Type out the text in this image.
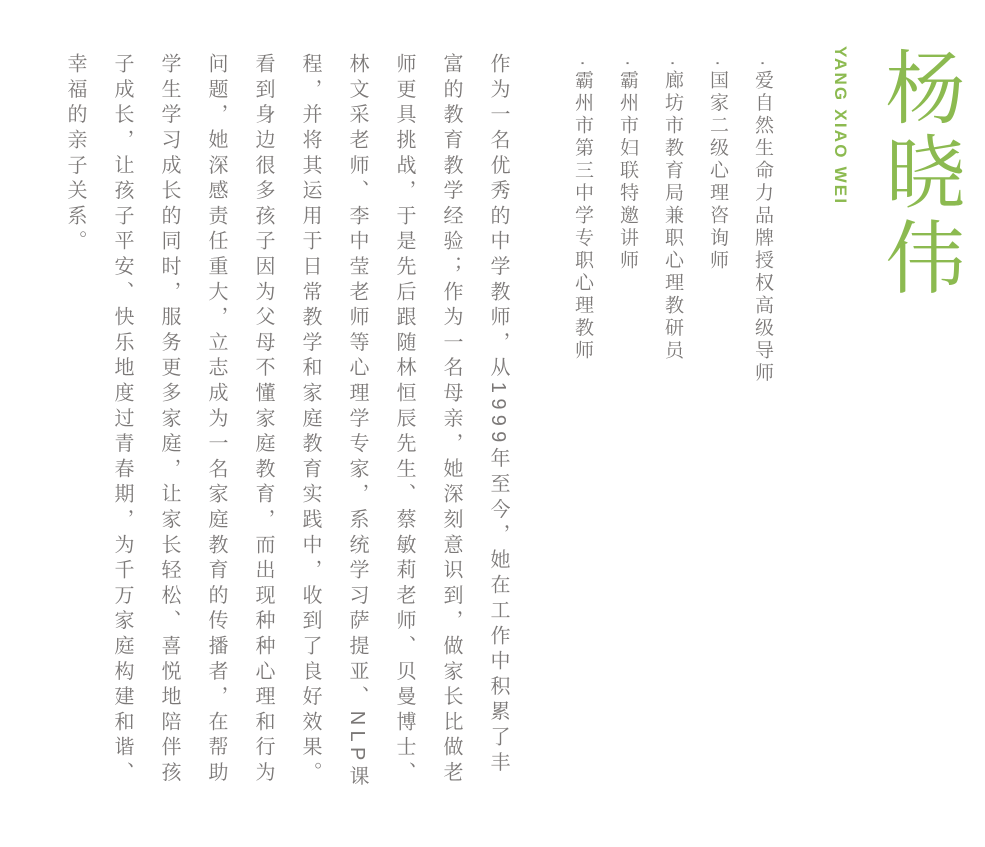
杨晓伟
YANG XIAO WEI
·爱自然生命力品牌授权高级导师
·国家二级心理咨询师
·廊坊市教育局兼职心理教研员
·霸州市妇联特邀讲师
·霸州市第三中学专职心理教师
作为一名优秀的中学教师，从1999年至今，她在工作中积累了丰
富的教育教学经验；作为一名母亲，她深刻意识到，做家长比做老
师更具挑战，于是先后跟随林恒辰先生、蔡敏莉老师、贝曼博士、
林文采老师、李中莹老师等心理学专家，系统学习萨提亚、NLP课
程，并将其运用于日常教学和家庭教育实践中，收到了良好效果。
看到身边很多孩子因为父母不懂家庭教育，而出现种种心理和行为
问题，她深感责任重大，立志成为一名家庭教育的传播者，在帮助
学生学习成长的同时，服务更多家庭，让家长轻松、喜悦地陪伴孩
子成长，让孩子平安、快乐地度过青春期，为千万家庭构建和谐、
幸福的亲子关系。
